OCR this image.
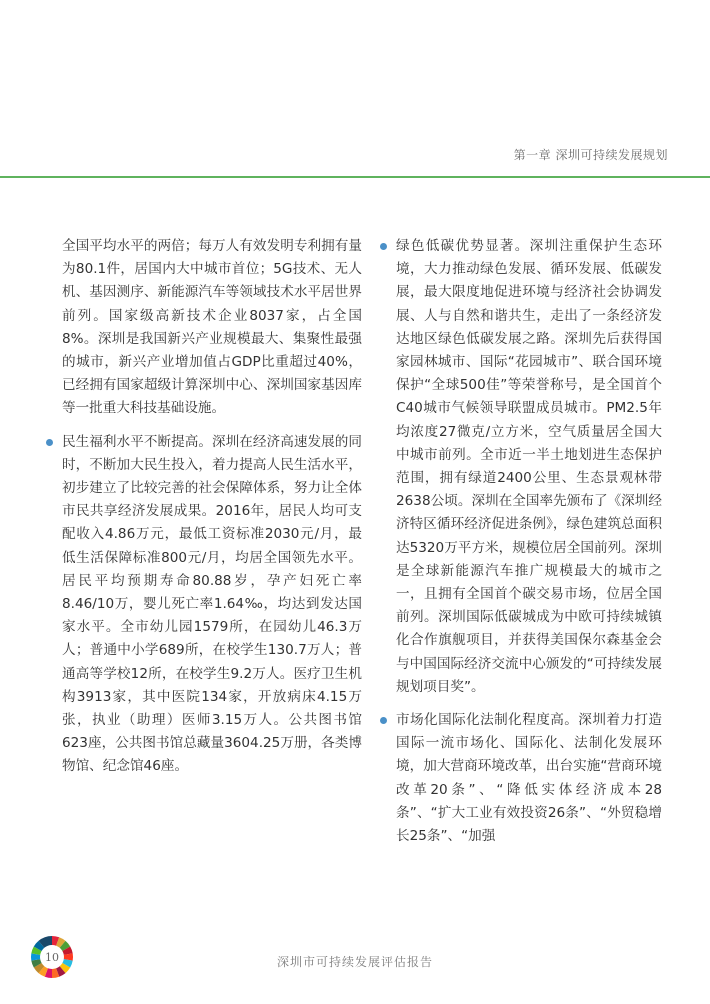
第一章 深圳可持续发展规划

全国平均水平的两倍；每万人有效发明专利拥有量为80.1件，居国内大中城市首位；5G技术、无人机、基因测序、新能源汽车等领域技术水平居世界前列。国家级高新技术企业8037家，占全国8%。深圳是我国新兴产业规模最大、集聚性最强的城市，新兴产业增加值占GDP比重超过40%，已经拥有国家超级计算深圳中心、深圳国家基因库等一批重大科技基础设施。

民生福利水平不断提高。深圳在经济高速发展的同时，不断加大民生投入，着力提高人民生活水平，初步建立了比较完善的社会保障体系，努力让全体市民共享经济发展成果。2016年，居民人均可支配收入4.86万元，最低工资标准2030元/月，最低生活保障标准800元/月，均居全国领先水平。居民平均预期寿命80.88岁，孕产妇死亡率8.46/10万，婴儿死亡率1.64‰，均达到发达国家水平。全市幼儿园1579所，在园幼儿46.3万人；普通中小学689所，在校学生130.7万人；普通高等学校12所，在校学生9.2万人。医疗卫生机构3913家，其中医院134家，开放病床4.15万张，执业（助理）医师3.15万人。公共图书馆623座，公共图书馆总藏量3604.25万册，各类博物馆、纪念馆46座。

绿色低碳优势显著。深圳注重保护生态环境，大力推动绿色发展、循环发展、低碳发展，最大限度地促进环境与经济社会协调发展、人与自然和谐共生，走出了一条经济发达地区绿色低碳发展之路。深圳先后获得国家园林城市、国际“花园城市”、联合国环境保护“全球500佳”等荣誉称号，是全国首个C40城市气候领导联盟成员城市。PM2.5年均浓度27微克/立方米，空气质量居全国大中城市前列。全市近一半土地划进生态保护范围，拥有绿道2400公里、生态景观林带2638公顷。深圳在全国率先颁布了《深圳经济特区循环经济促进条例》，绿色建筑总面积达5320万平方米，规模位居全国前列。深圳是全球新能源汽车推广规模最大的城市之一，且拥有全国首个碳交易市场，位居全国前列。深圳国际低碳城成为中欧可持续城镇化合作旗舰项目，并获得美国保尔森基金会与中国国际经济交流中心颁发的“可持续发展规划项目奖”。

市场化国际化法制化程度高。深圳着力打造国际一流市场化、国际化、法制化发展环境，加大营商环境改革，出台实施“营商环境改革20条”、“降低实体经济成本28条”、“扩大工业有效投资26条”、“外贸稳增长25条”、“加强

10	深圳市可持续发展评估报告
